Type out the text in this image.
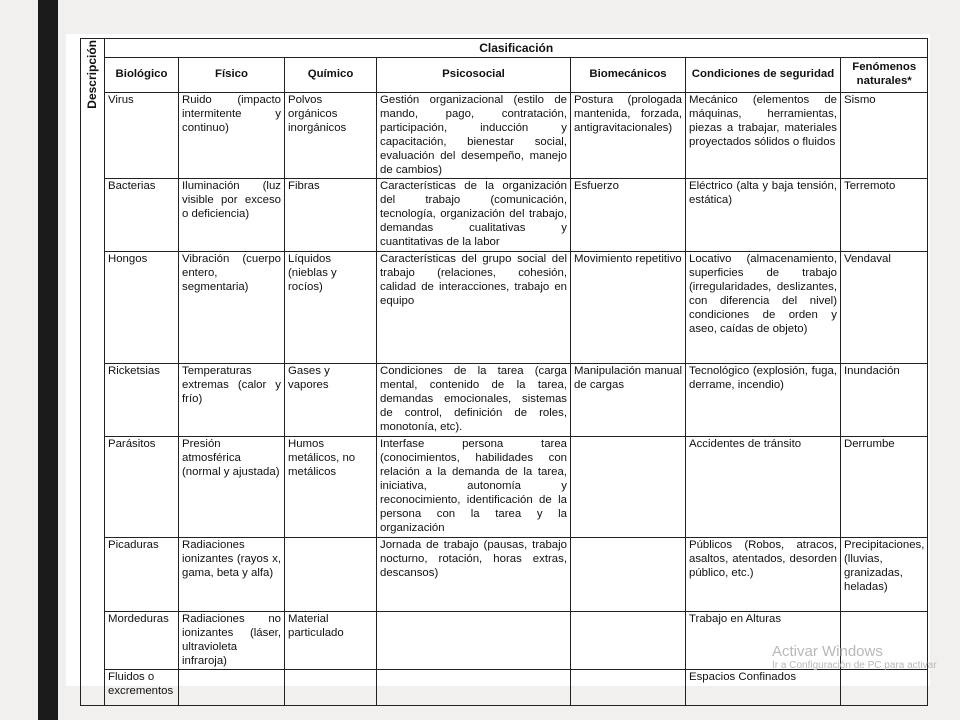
Descripción	Clasificación						
	Biológico	Físico	Químico	Psicosocial	Biomecánicos	Condiciones de seguridad	Fenómenos naturales*
	Virus	Ruido (impacto intermitente y continuo)	Polvos orgánicos inorgánicos	Gestión organizacional (estilo de mando, pago, contratación, participación, inducción y capacitación, bienestar social, evaluación del desempeño, manejo de cambios)	Postura (prologada mantenida, forzada, antigravitacionales)	Mecánico (elementos de máquinas, herramientas, piezas a trabajar, materiales proyectados sólidos o fluidos	Sismo
	Bacterias	Iluminación (luz visible por exceso o deficiencia)	Fibras	Características de la organización del trabajo (comunicación, tecnología, organización del trabajo, demandas cualitativas y cuantitativas de la labor	Esfuerzo	Eléctrico (alta y baja tensión, estática)	Terremoto
	Hongos	Vibración (cuerpo entero, segmentaria)	Líquidos (nieblas y rocíos)	Características del grupo social del trabajo (relaciones, cohesión, calidad de interacciones, trabajo en equipo	Movimiento repetitivo	Locativo (almacenamiento, superficies de trabajo (irregularidades, deslizantes, con diferencia del nivel) condiciones de orden y aseo, caídas de objeto)	Vendaval
	Ricketsias	Temperaturas extremas (calor y frío)	Gases y vapores	Condiciones de la tarea (carga mental, contenido de la tarea, demandas emocionales, sistemas de control, definición de roles, monotonía, etc).	Manipulación manual de cargas	Tecnológico (explosión, fuga, derrame, incendio)	Inundación
	Parásitos	Presión atmosférica (normal y ajustada)	Humos metálicos, no metálicos	Interfase persona tarea (conocimientos, habilidades con relación a la demanda de la tarea, iniciativa, autonomía y reconocimiento, identificación de la persona con la tarea y la organización		Accidentes de tránsito	Derrumbe
	Picaduras	Radiaciones ionizantes (rayos x, gama, beta y alfa)		Jornada de trabajo (pausas, trabajo nocturno, rotación, horas extras, descansos)		Públicos (Robos, atracos, asaltos, atentados, desorden público, etc.)	Precipitaciones, (lluvias, granizadas, heladas)
	Mordeduras	Radiaciones no ionizantes (láser, ultravioleta infraroja)	Material particulado			Trabajo en Alturas	
	Fluidos o excrementos					Espacios Confinados	
Activar Windows
Ir a Configuración de PC para activar
